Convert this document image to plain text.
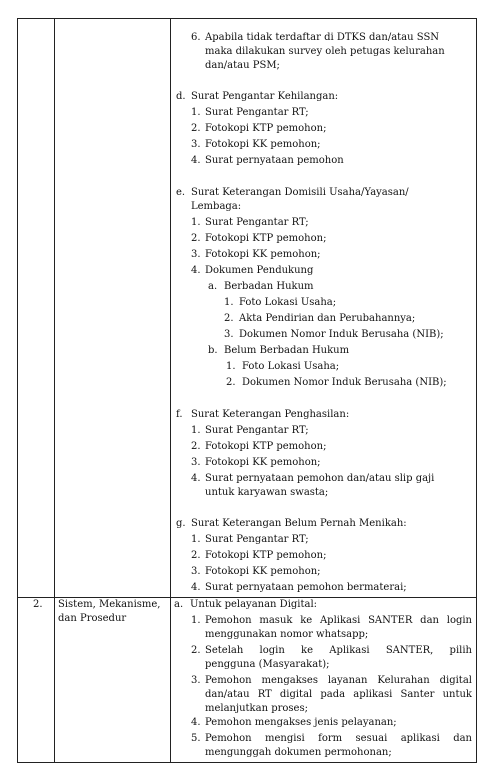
6. Apabila tidak terdaftar di DTKS dan/atau SSN
maka dilakukan survey oleh petugas kelurahan
dan/atau PSM;
d. Surat Pengantar Kehilangan:
1. Surat Pengantar RT;
2. Fotokopi KTP pemohon;
3. Fotokopi KK pemohon;
4. Surat pernyataan pemohon
e. Surat Keterangan Domisili Usaha/Yayasan/
Lembaga:
1. Surat Pengantar RT;
2. Fotokopi KTP pemohon;
3. Fotokopi KK pemohon;
4. Dokumen Pendukung
a. Berbadan Hukum
1. Foto Lokasi Usaha;
2. Akta Pendirian dan Perubahannya;
3. Dokumen Nomor Induk Berusaha (NIB);
b. Belum Berbadan Hukum
1. Foto Lokasi Usaha;
2. Dokumen Nomor Induk Berusaha (NIB);
f. Surat Keterangan Penghasilan:
1. Surat Pengantar RT;
2. Fotokopi KTP pemohon;
3. Fotokopi KK pemohon;
4. Surat pernyataan pemohon dan/atau slip gaji
untuk karyawan swasta;
g. Surat Keterangan Belum Pernah Menikah:
1. Surat Pengantar RT;
2. Fotokopi KTP pemohon;
3. Fotokopi KK pemohon;
4. Surat pernyataan pemohon bermaterai;
2. Sistem, Mekanisme,
dan Prosedur
a. Untuk pelayanan Digital:
1. Pemohon masuk ke Aplikasi SANTER dan login
menggunakan nomor whatsapp;
2. Setelah login ke Aplikasi SANTER, pilih
pengguna (Masyarakat);
3. Pemohon mengakses layanan Kelurahan digital
dan/atau RT digital pada aplikasi Santer untuk
melanjutkan proses;
4. Pemohon mengakses jenis pelayanan;
5. Pemohon mengisi form sesuai aplikasi dan
mengunggah dokumen permohonan;
